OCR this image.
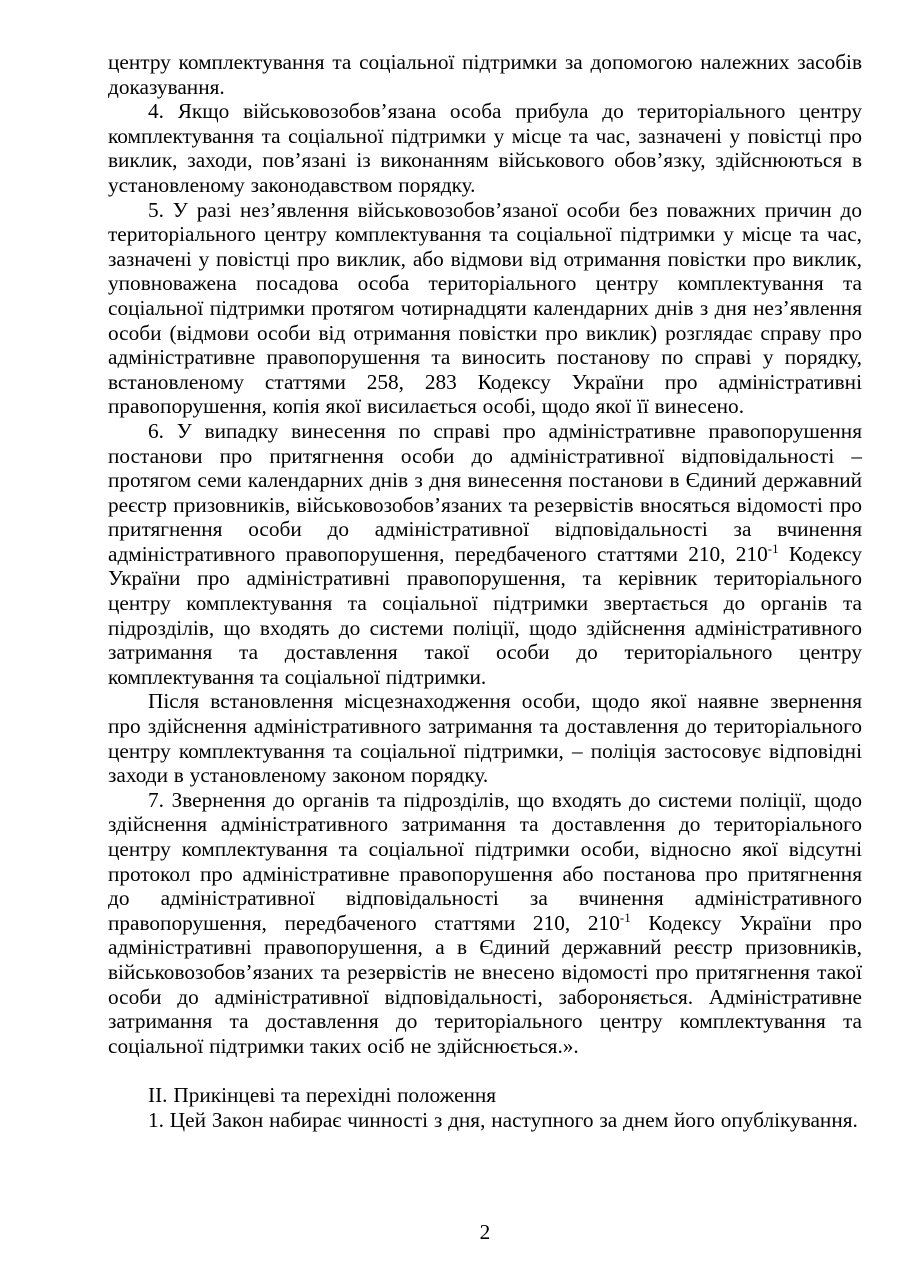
центру комплектування та соціальної підтримки за допомогою належних засобів доказування.

4. Якщо військовозобов’язана особа прибула до територіального центру комплектування та соціальної підтримки у місце та час, зазначені у повістці про виклик, заходи, пов’язані із виконанням військового обов’язку, здійснюються в установленому законодавством порядку.

5. У разі нез’явлення військовозобов’язаної особи без поважних причин до територіального центру комплектування та соціальної підтримки у місце та час, зазначені у повістці про виклик, або відмови від отримання повістки про виклик, уповноважена посадова особа територіального центру комплектування та соціальної підтримки протягом чотирнадцяти календарних днів з дня нез’явлення особи (відмови особи від отримання повістки про виклик) розглядає справу про адміністративне правопорушення та виносить постанову по справі у порядку, встановленому статтями 258, 283 Кодексу України про адміністративні правопорушення, копія якої висилається особі, щодо якої її винесено.

6. У випадку винесення по справі про адміністративне правопорушення постанови про притягнення особи до адміністративної відповідальності – протягом семи календарних днів з дня винесення постанови в Єдиний державний реєстр призовників, військовозобов’язаних та резервістів вносяться відомості про притягнення особи до адміністративної відповідальності за вчинення адміністративного правопорушення, передбаченого статтями 210, $210^{-1}$ Кодексу України про адміністративні правопорушення, та керівник територіального центру комплектування та соціальної підтримки звертається до органів та підрозділів, що входять до системи поліції, щодо здійснення адміністративного затримання та доставлення такої особи до територіального центру комплектування та соціальної підтримки.

Після встановлення місцезнаходження особи, щодо якої наявне звернення про здійснення адміністративного затримання та доставлення до територіального центру комплектування та соціальної підтримки, – поліція застосовує відповідні заходи в установленому законом порядку.

7. Звернення до органів та підрозділів, що входять до системи поліції, щодо здійснення адміністративного затримання та доставлення до територіального центру комплектування та соціальної підтримки особи, відносно якої відсутні протокол про адміністративне правопорушення або постанова про притягнення до адміністративної відповідальності за вчинення адміністративного правопорушення, передбаченого статтями 210, $210^{-1}$ Кодексу України про адміністративні правопорушення, а в Єдиний державний реєстр призовників, військовозобов’язаних та резервістів не внесено відомості про притягнення такої особи до адміністративної відповідальності, забороняється. Адміністративне затримання та доставлення до територіального центру комплектування та соціальної підтримки таких осіб не здійснюється.».

ІІ. Прикінцеві та перехідні положення

1. Цей Закон набирає чинності з дня, наступного за днем його опублікування.

2
